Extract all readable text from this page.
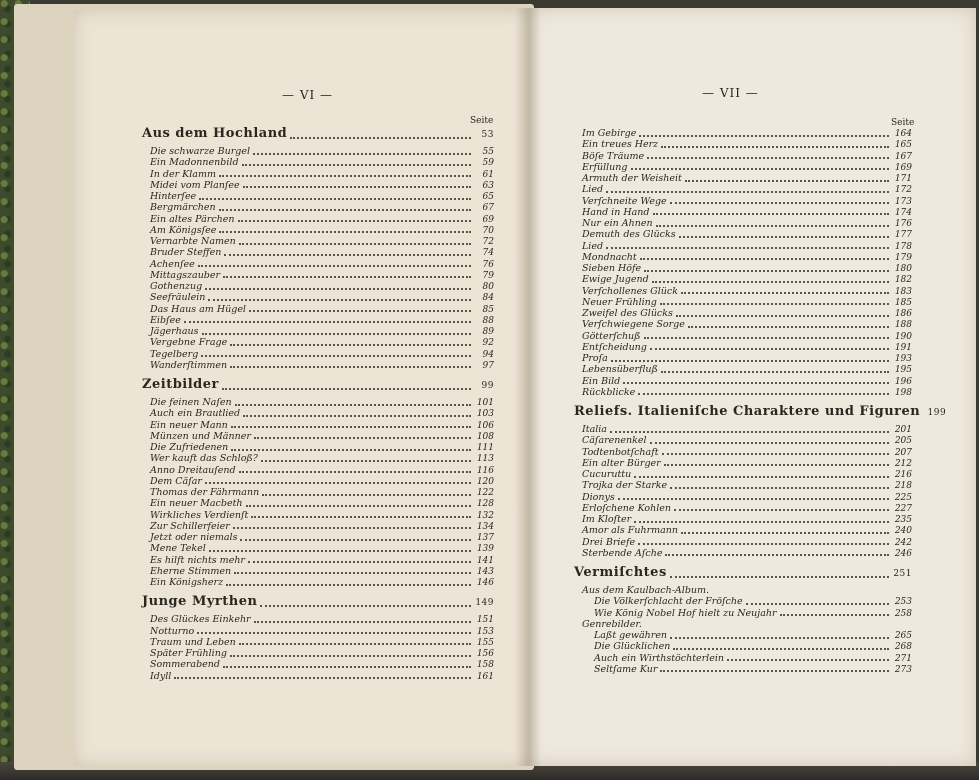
— VI —
Seite
Aus dem Hochland	53
Die schwarze Burgel	55
Ein Madonnenbild	59
In der Klamm	61
Midei vom Planſee	63
Hinterſee	65
Bergmärchen	67
Ein altes Pärchen	69
Am Königsſee	70
Vernarbte Namen	72
Bruder Steffen	74
Achenſee	76
Mittagszauber	79
Gothenzug	80
Seefräulein	84
Das Haus am Hügel	85
Eibſee	88
Jägerhaus	89
Vergebne Frage	92
Tegelberg	94
Wanderſtimmen	97
Zeitbilder	99
Die feinen Naſen	101
Auch ein Brautlied	103
Ein neuer Mann	106
Münzen und Männer	108
Die Zufriedenen	111
Wer kauft das Schloß?	113
Anno Dreitauſend	116
Dem Cäſar	120
Thomas der Fährmann	122
Ein neuer Macbeth	128
Wirkliches Verdienſt	132
Zur Schillerfeier	134
Jetzt oder niemals	137
Mene Tekel	139
Es hilft nichts mehr	141
Eherne Stimmen	143
Ein Königsherz	146
Junge Myrthen	149
Des Glückes Einkehr	151
Notturno	153
Traum und Leben	155
Später Frühling	156
Sommerabend	158
Idyll	161
— VII —
Seite
Im Gebirge	164
Ein treues Herz	165
Böſe Träume	167
Erfüllung	169
Armuth der Weisheit	171
Lied	172
Verſchneite Wege	173
Hand in Hand	174
Nur ein Ahnen	176
Demuth des Glücks	177
Lied	178
Mondnacht	179
Sieben Höfe	180
Ewige Jugend	182
Verſchollenes Glück	183
Neuer Frühling	185
Zweifel des Glücks	186
Verſchwiegene Sorge	188
Götterſchuß	190
Entſcheidung	191
Proſa	193
Lebensüberfluß	195
Ein Bild	196
Rückblicke	198
Reliefs. Italieniſche Charaktere und Figuren 199
Italia	201
Cäſarenenkel	205
Todtenbotſchaft	207
Ein alter Bürger	212
Cucuruttu	216
Trojka der Starke	218
Dionys	225
Erloſchene Kohlen	227
Im Kloſter	235
Amor als Fuhrmann	240
Drei Briefe	242
Sterbende Aſche	246
Vermiſchtes	251
Aus dem Kaulbach-Album.
Die Völkerſchlacht der Fröſche	253
Wie König Nobel Hof hielt zu Neujahr	258
Genrebilder.
Laßt gewähren	265
Die Glücklichen	268
Auch ein Wirthstöchterlein	271
Seltſame Kur	273
